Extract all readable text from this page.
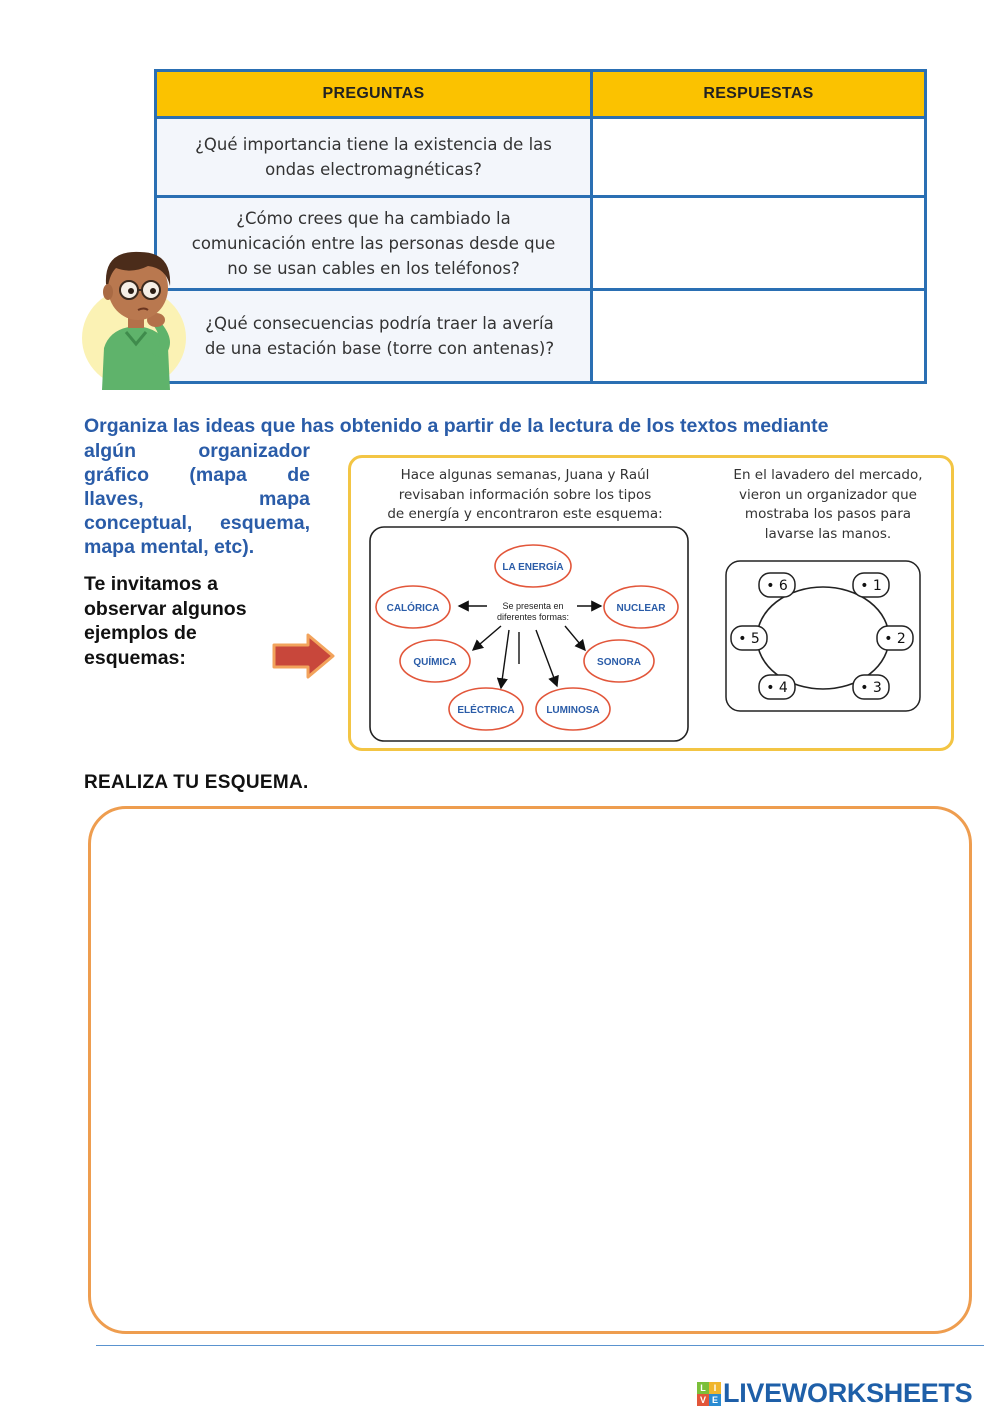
PREGUNTAS	RESPUESTAS

¿Qué importancia tiene la existencia de las
ondas electromagnéticas?	

¿Cómo crees que ha cambiado la
comunicación entre las personas desde que
no se usan cables en los teléfonos?	

¿Qué consecuencias podría traer la avería
de una estación base (torre con antenas)?	

Organiza las ideas que has obtenido a partir de la lectura de los textos mediante
algún organizador
gráfico (mapa de
llaves, mapa
conceptual, esquema,
mapa mental, etc).
Te invitamos a
observar algunos
ejemplos de
esquemas:
Hace algunas semanas, Juana y Raúl
revisaban información sobre los tipos
de energía y encontraron este esquema:
En el lavadero del mercado,
vieron un organizador que
mostraba los pasos para
lavarse las manos.
LA ENERGÍA
CALÓRICA	NUCLEAR
QUÍMICA	SONORA
ELÉCTRICA	LUMINOSA
Se presenta en
diferentes formas:
• 6	• 1
• 5	• 2
• 4	• 3
REALIZA TU ESQUEMA.
L I
V E LIVEWORKSHEETS
